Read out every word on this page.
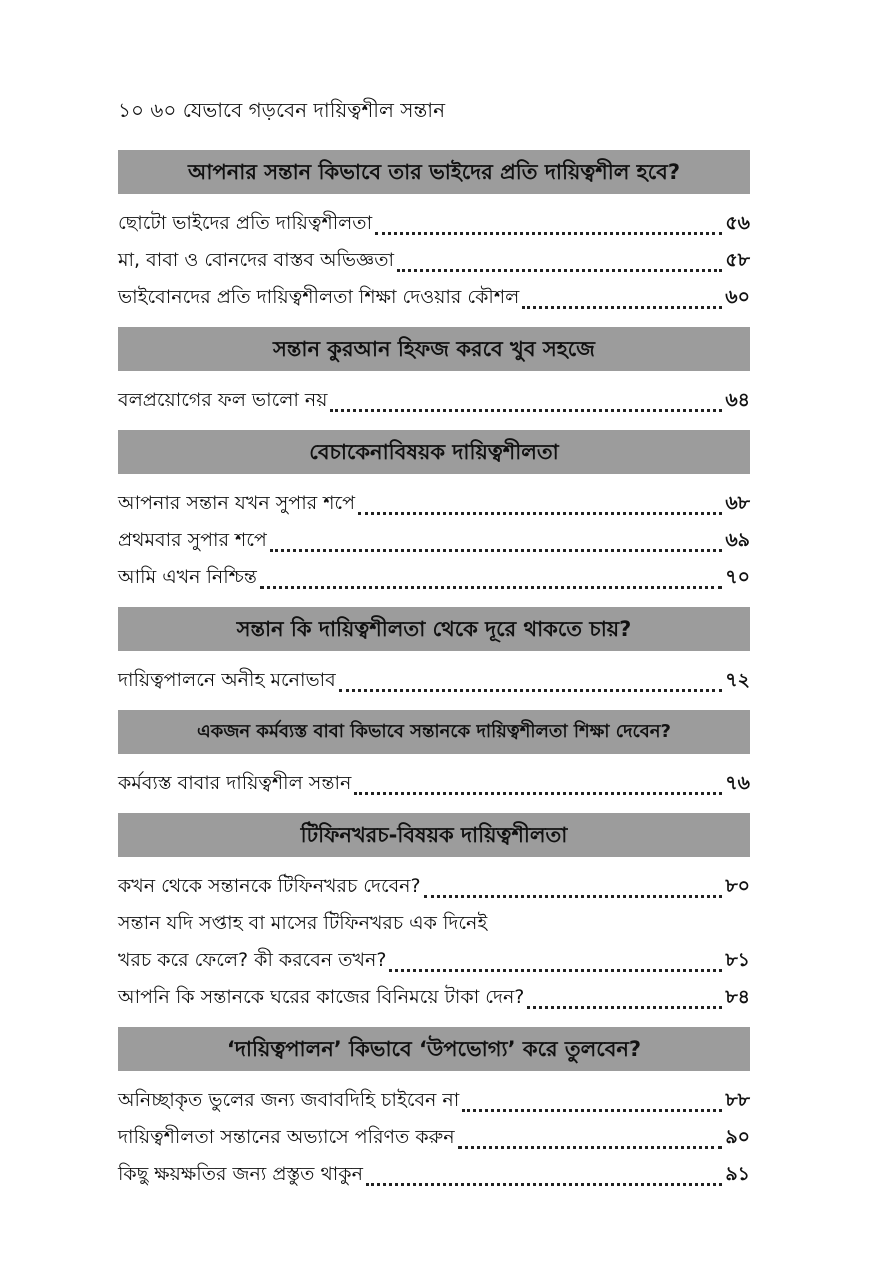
১০ ৬০ যেভাবে গড়বেন দায়িত্বশীল সন্তান
আপনার সন্তান কিভাবে তার ভাইদের প্রতি দায়িত্বশীল হবে?
ছোটো ভাইদের প্রতি দায়িত্বশীলতা	৫৬
মা, বাবা ও বোনদের বাস্তব অভিজ্ঞতা	৫৮
ভাইবোনদের প্রতি দায়িত্বশীলতা শিক্ষা দেওয়ার কৌশল	৬০
সন্তান কুরআন হিফজ করবে খুব সহজে
বলপ্রয়োগের ফল ভালো নয়	৬৪
বেচাকেনাবিষয়ক দায়িত্বশীলতা
আপনার সন্তান যখন সুপার শপে	৬৮
প্রথমবার সুপার শপে	৬৯
আমি এখন নিশ্চিন্ত	৭০
সন্তান কি দায়িত্বশীলতা থেকে দূরে থাকতে চায়?
দায়িত্বপালনে অনীহ মনোভাব	৭২
একজন কর্মব্যস্ত বাবা কিভাবে সন্তানকে দায়িত্বশীলতা শিক্ষা দেবেন?
কর্মব্যস্ত বাবার দায়িত্বশীল সন্তান	৭৬
টিফিনখরচ-বিষয়ক দায়িত্বশীলতা
কখন থেকে সন্তানকে টিফিনখরচ দেবেন?	৮০
সন্তান যদি সপ্তাহ বা মাসের টিফিনখরচ এক দিনেই
খরচ করে ফেলে? কী করবেন তখন?	৮১
আপনি কি সন্তানকে ঘরের কাজের বিনিময়ে টাকা দেন?	৮৪
‘দায়িত্বপালন’ কিভাবে ‘উপভোগ্য’ করে তুলবেন?
অনিচ্ছাকৃত ভুলের জন্য জবাবদিহি চাইবেন না	৮৮
দায়িত্বশীলতা সন্তানের অভ্যাসে পরিণত করুন	৯০
কিছু ক্ষয়ক্ষতির জন্য প্রস্তুত থাকুন	৯১
